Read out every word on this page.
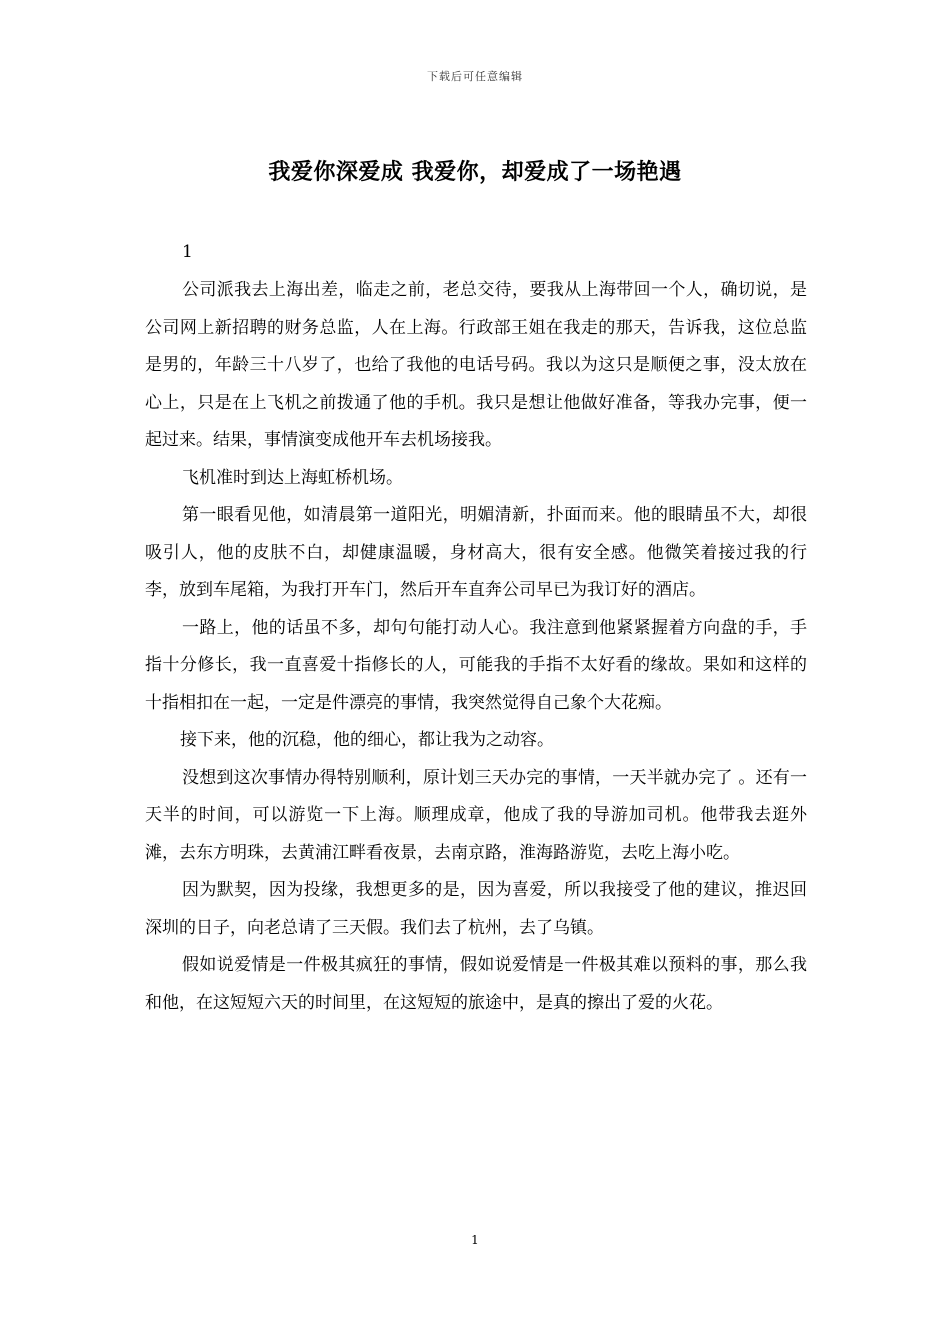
下载后可任意编辑
我爱你深爱成 我爱你，却爱成了一场艳遇
1

公司派我去上海出差，临走之前，老总交待，要我从上海带回一个人，确切说，是公司网上新招聘的财务总监，人在上海。行政部王姐在我走的那天，告诉我，这位总监是男的，年龄三十八岁了，也给了我他的电话号码。我以为这只是顺便之事，没太放在心上，只是在上飞机之前拨通了他的手机。我只是想让他做好准备，等我办完事，便一起过来。结果，事情演变成他开车去机场接我。

飞机准时到达上海虹桥机场。

第一眼看见他，如清晨第一道阳光，明媚清新，扑面而来。他的眼睛虽不大，却很吸引人，他的皮肤不白，却健康温暖，身材高大，很有安全感。他微笑着接过我的行李，放到车尾箱，为我打开车门，然后开车直奔公司早已为我订好的酒店。

一路上，他的话虽不多，却句句能打动人心。我注意到他紧紧握着方向盘的手，手指十分修长，我一直喜爱十指修长的人，可能我的手指不太好看的缘故。果如和这样的十指相扣在一起，一定是件漂亮的事情，我突然觉得自己象个大花痴。

接下来，他的沉稳，他的细心，都让我为之动容。

没想到这次事情办得特别顺利，原计划三天办完的事情，一天半就办完了 。还有一天半的时间，可以游览一下上海。顺理成章，他成了我的导游加司机。他带我去逛外滩，去东方明珠，去黄浦江畔看夜景，去南京路，淮海路游览，去吃上海小吃。

因为默契，因为投缘，我想更多的是，因为喜爱，所以我接受了他的建议，推迟回深圳的日子，向老总请了三天假。我们去了杭州，去了乌镇。

假如说爱情是一件极其疯狂的事情，假如说爱情是一件极其难以预料的事，那么我和他，在这短短六天的时间里，在这短短的旅途中，是真的擦出了爱的火花。

1
